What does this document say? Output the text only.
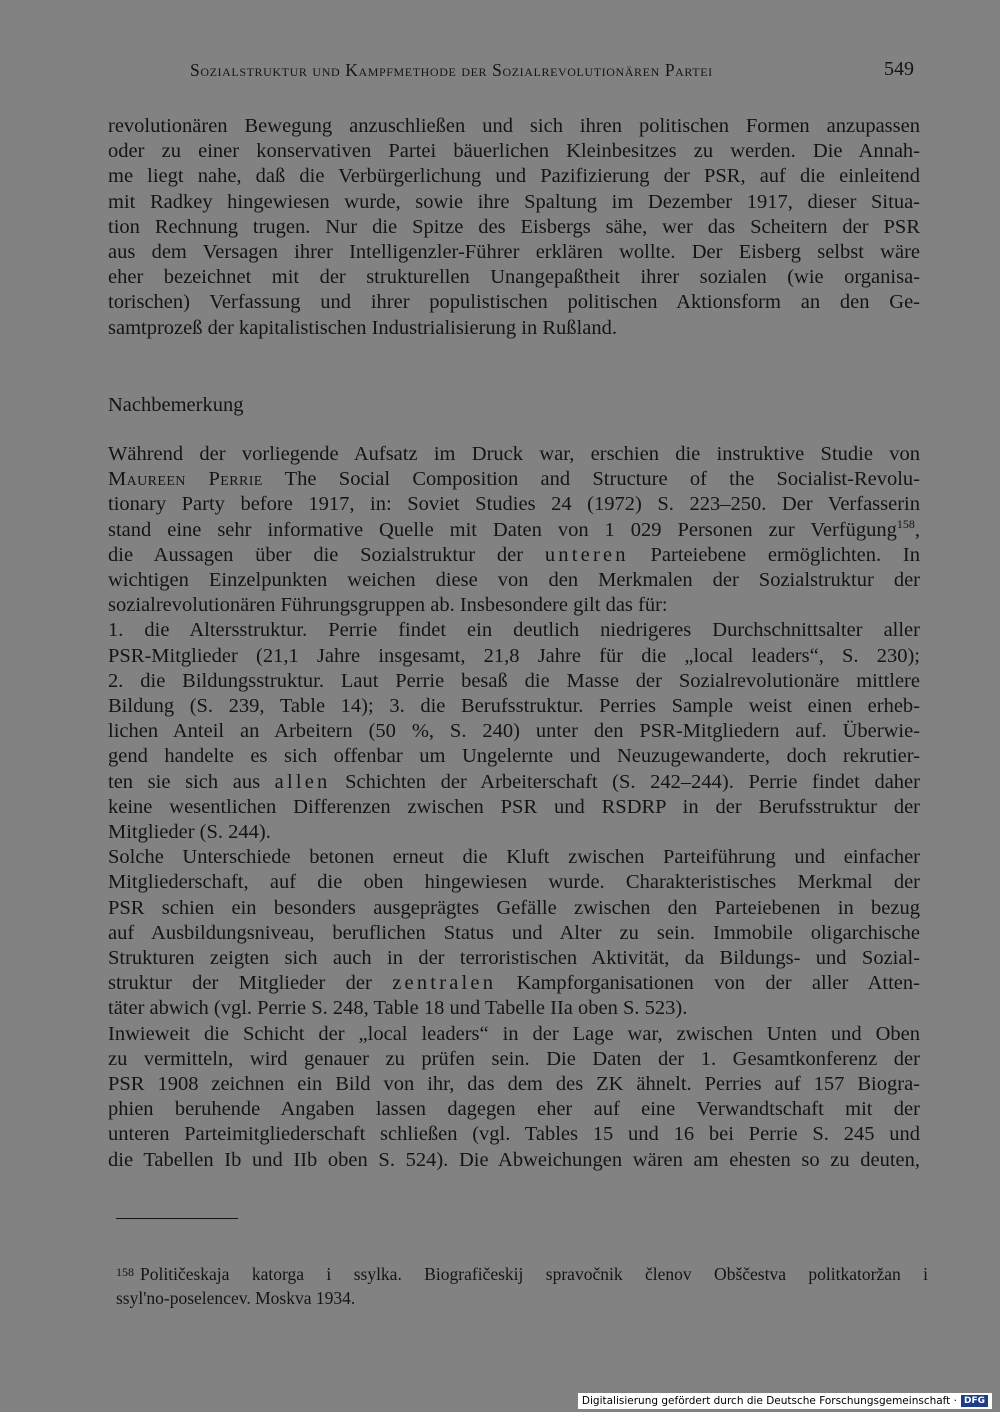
Sozialstruktur und Kampfmethode der Sozialrevolutionären Partei	549
revolutionären Bewegung anzuschließen und sich ihren politischen Formen anzupassen
oder zu einer konservativen Partei bäuerlichen Kleinbesitzes zu werden. Die Annah-
me liegt nahe, daß die Verbürgerlichung und Pazifizierung der PSR, auf die einleitend
mit Radkey hingewiesen wurde, sowie ihre Spaltung im Dezember 1917, dieser Situa-
tion Rechnung trugen. Nur die Spitze des Eisbergs sähe, wer das Scheitern der PSR
aus dem Versagen ihrer Intelligenzler-Führer erklären wollte. Der Eisberg selbst wäre
eher bezeichnet mit der strukturellen Unangepaßtheit ihrer sozialen (wie organisa-
torischen) Verfassung und ihrer populistischen politischen Aktionsform an den Ge-
samtprozeß der kapitalistischen Industrialisierung in Rußland.
Nachbemerkung
Während der vorliegende Aufsatz im Druck war, erschien die instruktive Studie von
Maureen Perrie The Social Composition and Structure of the Socialist-Revolu-
tionary Party before 1917, in: Soviet Studies 24 (1972) S. 223–250. Der Verfasserin
stand eine sehr informative Quelle mit Daten von 1 029 Personen zur Verfügung$^{158}$,
die Aussagen über die Sozialstruktur der unteren Parteiebene ermöglichten. In
wichtigen Einzelpunkten weichen diese von den Merkmalen der Sozialstruktur der
sozialrevolutionären Führungsgruppen ab. Insbesondere gilt das für:
1. die Altersstruktur. Perrie findet ein deutlich niedrigeres Durchschnittsalter aller
PSR-Mitglieder (21,1 Jahre insgesamt, 21,8 Jahre für die „local leaders“, S. 230);
2. die Bildungsstruktur. Laut Perrie besaß die Masse der Sozialrevolutionäre mittlere
Bildung (S. 239, Table 14); 3. die Berufsstruktur. Perries Sample weist einen erheb-
lichen Anteil an Arbeitern (50 %, S. 240) unter den PSR-Mitgliedern auf. Überwie-
gend handelte es sich offenbar um Ungelernte und Neuzugewanderte, doch rekrutier-
ten sie sich aus allen Schichten der Arbeiterschaft (S. 242–244). Perrie findet daher
keine wesentlichen Differenzen zwischen PSR und RSDRP in der Berufsstruktur der
Mitglieder (S. 244).
Solche Unterschiede betonen erneut die Kluft zwischen Parteiführung und einfacher
Mitgliederschaft, auf die oben hingewiesen wurde. Charakteristisches Merkmal der
PSR schien ein besonders ausgeprägtes Gefälle zwischen den Parteiebenen in bezug
auf Ausbildungsniveau, beruflichen Status und Alter zu sein. Immobile oligarchische
Strukturen zeigten sich auch in der terroristischen Aktivität, da Bildungs- und Sozial-
struktur der Mitglieder der zentralen Kampforganisationen von der aller Atten-
täter abwich (vgl. Perrie S. 248, Table 18 und Tabelle IIa oben S. 523).
Inwieweit die Schicht der „local leaders“ in der Lage war, zwischen Unten und Oben
zu vermitteln, wird genauer zu prüfen sein. Die Daten der 1. Gesamtkonferenz der
PSR 1908 zeichnen ein Bild von ihr, das dem des ZK ähnelt. Perries auf 157 Biogra-
phien beruhende Angaben lassen dagegen eher auf eine Verwandtschaft mit der
unteren Parteimitgliederschaft schließen (vgl. Tables 15 und 16 bei Perrie S. 245 und
die Tabellen Ib und IIb oben S. 524). Die Abweichungen wären am ehesten so zu deuten,
$^{158}$ Političeskaja katorga i ssylka. Biografičeskij spravočnik členov Obščestva politkatoržan i
ssyl'no-poselencev. Moskva 1934.
Digitalisierung gefördert durch die Deutsche Forschungsgemeinschaft · DFG
